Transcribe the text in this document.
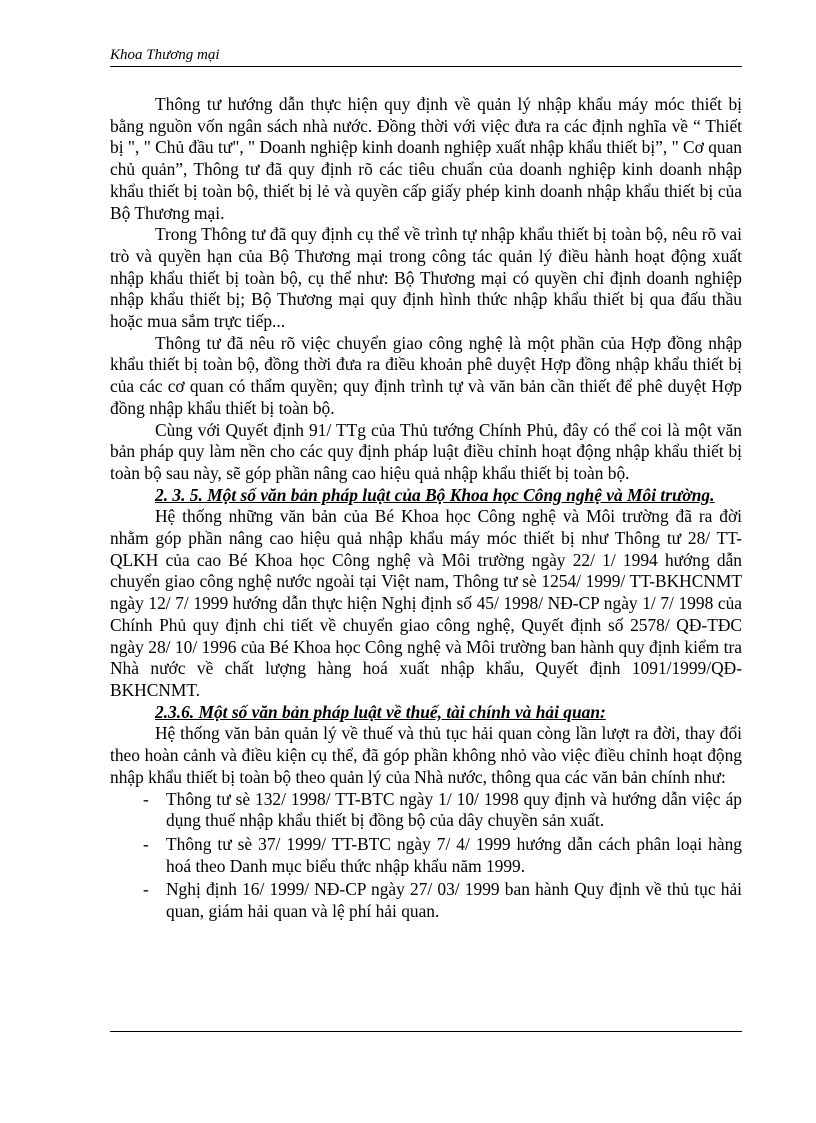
Khoa Thương mại

Thông tư hướng dẫn thực hiện quy định về quản lý nhập khẩu máy móc thiết bị bằng nguồn vốn ngân sách nhà nước. Đồng thời với việc đưa ra các định nghĩa về “ Thiết bị ", " Chủ đầu tư", " Doanh nghiệp kinh doanh nghiệp xuất nhập khẩu thiết bị”, " Cơ quan chủ quản”, Thông tư đã quy định rõ các tiêu chuẩn của doanh nghiệp kinh doanh nhập khẩu thiết bị toàn bộ, thiết bị lẻ và quyền cấp giấy phép kinh doanh nhập khẩu thiết bị của Bộ Thương mại.

Trong Thông tư đã quy định cụ thể về trình tự nhập khẩu thiết bị toàn bộ, nêu rõ vai trò và quyền hạn của Bộ Thương mại trong công tác quản lý điều hành hoạt động xuất nhập khẩu thiết bị toàn bộ, cụ thể như: Bộ Thương mại có quyền chỉ định doanh nghiệp nhập khẩu thiết bị; Bộ Thương mại quy định hình thức nhập khẩu thiết bị qua đấu thầu hoặc mua sắm trực tiếp...

Thông tư đã nêu rõ việc chuyển giao công nghệ là một phần của Hợp đồng nhập khẩu thiết bị toàn bộ, đồng thời đưa ra điều khoản phê duyệt Hợp đồng nhập khẩu thiết bị của các cơ quan có thẩm quyền; quy định trình tự và văn bản cần thiết để phê duyệt Hợp đồng nhập khẩu thiết bị toàn bộ.

Cùng với Quyết định 91/ TTg của Thủ tướng Chính Phủ, đây có thể coi là một văn bản pháp quy làm nền cho các quy định pháp luật điều chỉnh hoạt động nhập khẩu thiết bị toàn bộ sau này, sẽ góp phần nâng cao hiệu quả nhập khẩu thiết bị toàn bộ.

2. 3. 5. Một số văn bản pháp luật của Bộ Khoa học Công nghệ và Môi trường.

Hệ thống những văn bản của Bé Khoa học Công nghệ và Môi trường đã ra đời nhằm góp phần nâng cao hiệu quả nhập khẩu máy móc thiết bị như Thông tư 28/ TT-QLKH của cao Bé Khoa học Công nghệ và Môi trường ngày 22/ 1/ 1994 hướng dẫn chuyển giao công nghệ nước ngoài tại Việt nam, Thông tư sè 1254/ 1999/ TT-BKHCNMT ngày 12/ 7/ 1999 hướng dẫn thực hiện Nghị định số 45/ 1998/ NĐ-CP ngày 1/ 7/ 1998 của Chính Phủ quy định chi tiết về chuyển giao công nghệ, Quyết định số 2578/ QĐ-TĐC ngày 28/ 10/ 1996 của Bé Khoa học Công nghệ và Môi trường ban hành quy định kiểm tra Nhà nước về chất lượng hàng hoá xuất nhập khẩu, Quyết định 1091/1999/QĐ-BKHCNMT.

2.3.6. Một số văn bản pháp luật về thuế, tài chính và hải quan:

Hệ thống văn bản quản lý về thuế và thủ tục hải quan còng lần lượt ra đời, thay đổi theo hoàn cảnh và điều kiện cụ thể, đã góp phần không nhỏ vào việc điều chỉnh hoạt động nhập khẩu thiết bị toàn bộ theo quản lý của Nhà nước, thông qua các văn bản chính như:

- Thông tư sè 132/ 1998/ TT-BTC ngày 1/ 10/ 1998 quy định và hướng dẫn việc áp dụng thuế nhập khẩu thiết bị đồng bộ của dây chuyền sản xuất.
- Thông tư sè 37/ 1999/ TT-BTC ngày 7/ 4/ 1999 hướng dẫn cách phân loại hàng hoá theo Danh mục biểu thức nhập khẩu năm 1999.
- Nghị định 16/ 1999/ NĐ-CP ngày 27/ 03/ 1999 ban hành Quy định về thủ tục hải quan, giám hải quan và lệ phí hải quan.
